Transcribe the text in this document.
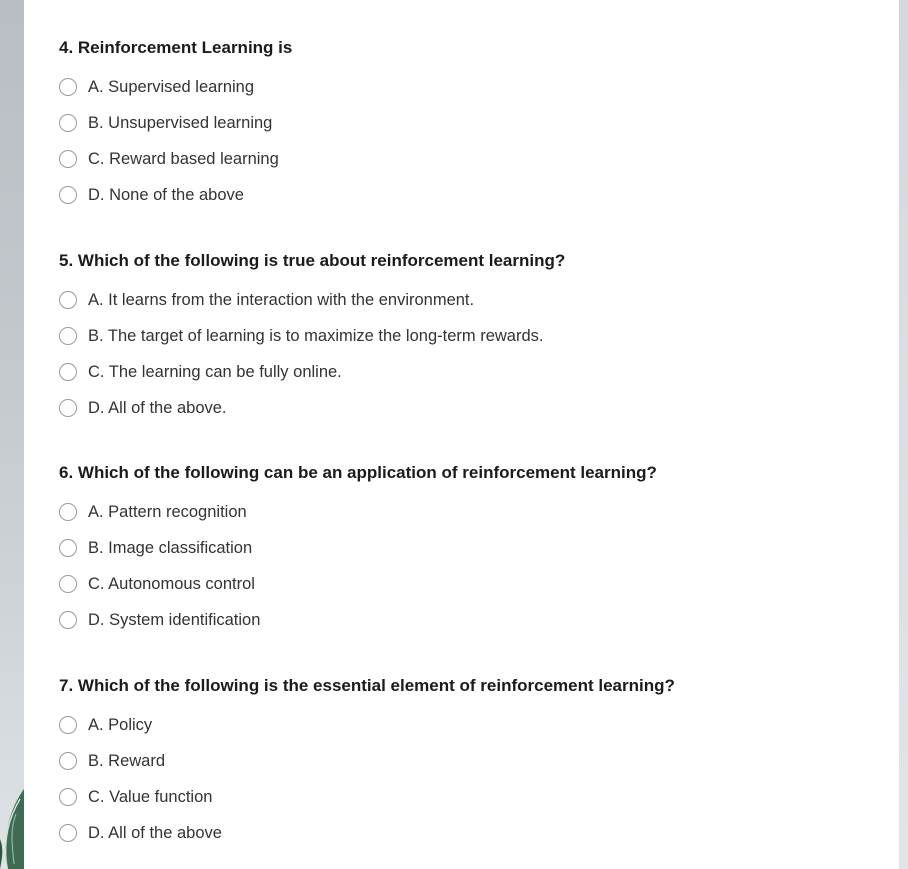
4. Reinforcement Learning is
A. Supervised learning
B. Unsupervised learning
C. Reward based learning
D. None of the above
5. Which of the following is true about reinforcement learning?
A. It learns from the interaction with the environment.
B. The target of learning is to maximize the long-term rewards.
C. The learning can be fully online.
D. All of the above.
6. Which of the following can be an application of reinforcement learning?
A. Pattern recognition
B. Image classification
C. Autonomous control
D. System identification
7. Which of the following is the essential element of reinforcement learning?
A. Policy
B. Reward
C. Value function
D. All of the above
